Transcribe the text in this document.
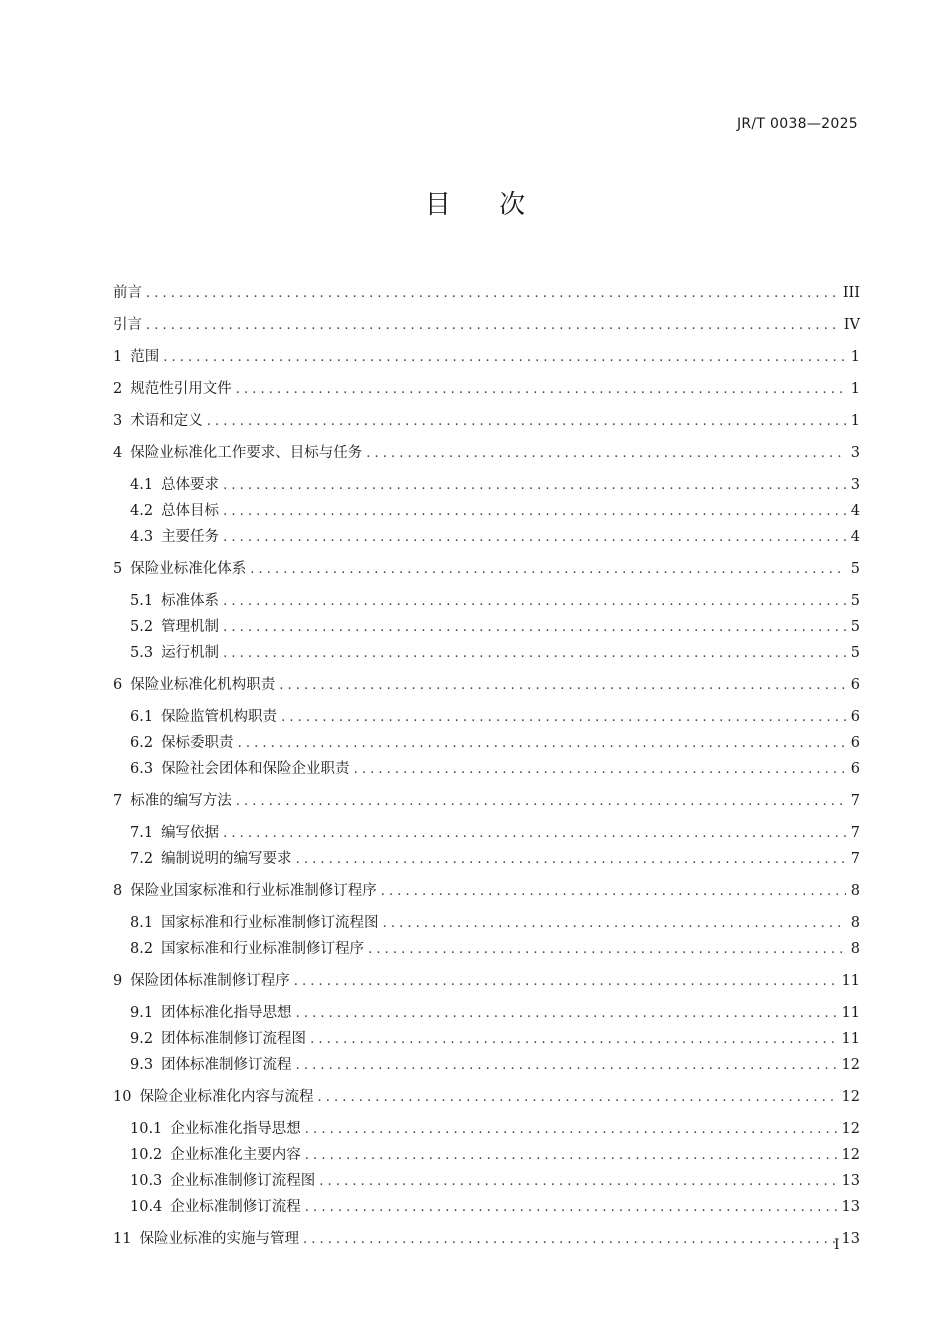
JR/T 0038—2025
目 次
前言 . . .	III
引言 . . .	IV
1 范围 . . .	1
2 规范性引用文件 . . .	1
3 术语和定义 . . .	1
4 保险业标准化工作要求、目标与任务 . . .	3
4.1 总体要求 . . .	3
4.2 总体目标 . . .	4
4.3 主要任务 . . .	4
5 保险业标准化体系 . . .	5
5.1 标准体系 . . .	5
5.2 管理机制 . . .	5
5.3 运行机制 . . .	5
6 保险业标准化机构职责 . . .	6
6.1 保险监管机构职责 . . .	6
6.2 保标委职责 . . .	6
6.3 保险社会团体和保险企业职责 . . .	6
7 标准的编写方法 . . .	7
7.1 编写依据 . . .	7
7.2 编制说明的编写要求 . . .	7
8 保险业国家标准和行业标准制修订程序 . . .	8
8.1 国家标准和行业标准制修订流程图 . . .	8
8.2 国家标准和行业标准制修订程序 . . .	8
9 保险团体标准制修订程序 . . .	11
9.1 团体标准化指导思想 . . .	11
9.2 团体标准制修订流程图 . . .	11
9.3 团体标准制修订流程 . . .	12
10 保险企业标准化内容与流程 . . .	12
10.1 企业标准化指导思想 . . .	12
10.2 企业标准化主要内容 . . .	12
10.3 企业标准制修订流程图 . . .	13
10.4 企业标准制修订流程 . . .	13
11 保险业标准的实施与管理 . . .	13
I
